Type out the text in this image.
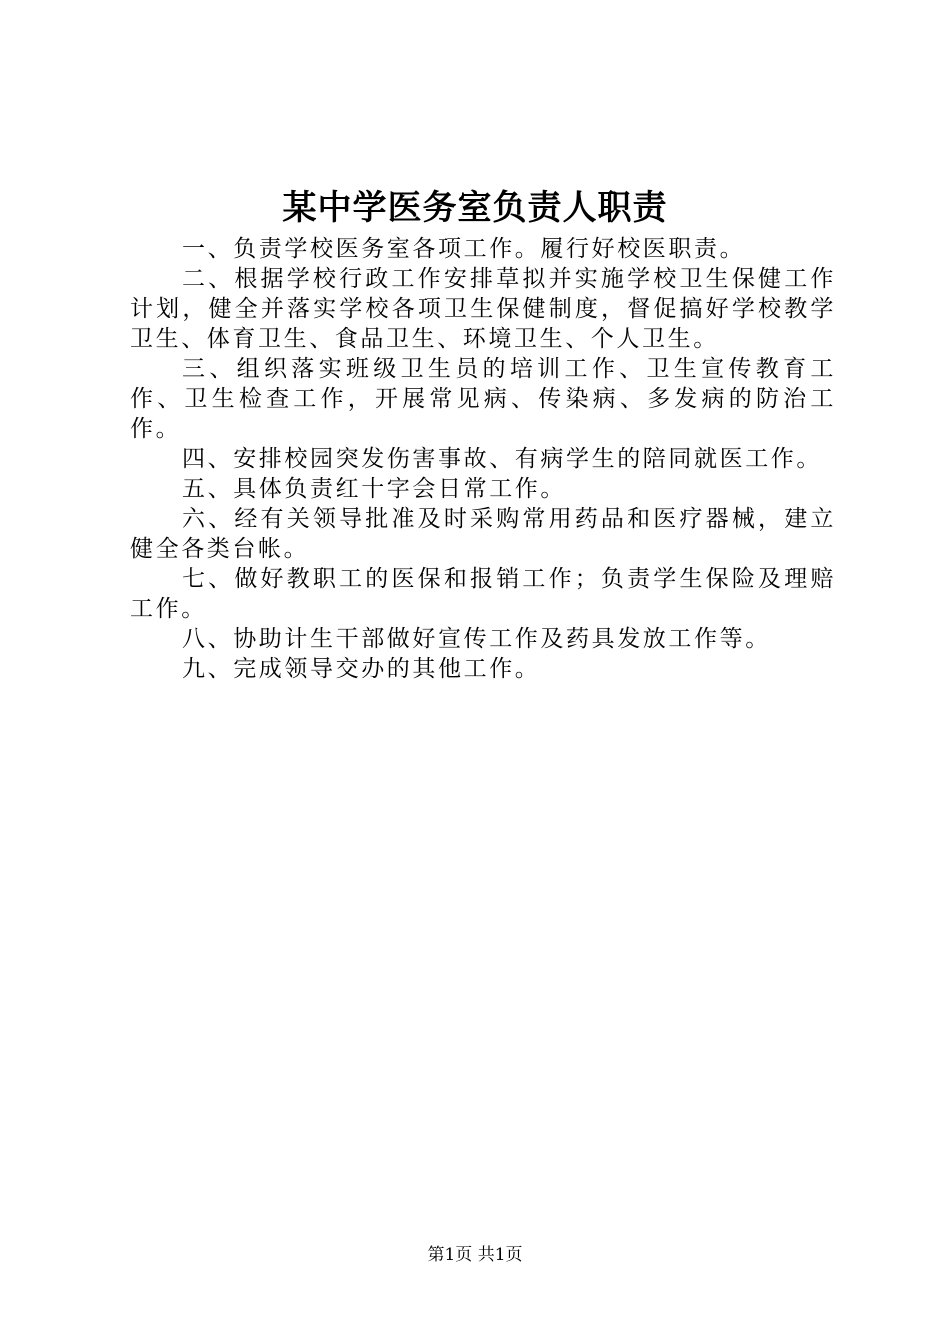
某中学医务室负责人职责

一、负责学校医务室各项工作。履行好校医职责。

二、根据学校行政工作安排草拟并实施学校卫生保健工作计划，健全并落实学校各项卫生保健制度，督促搞好学校教学卫生、体育卫生、食品卫生、环境卫生、个人卫生。

三、组织落实班级卫生员的培训工作、卫生宣传教育工作、卫生检查工作，开展常见病、传染病、多发病的防治工作。

四、安排校园突发伤害事故、有病学生的陪同就医工作。

五、具体负责红十字会日常工作。

六、经有关领导批准及时采购常用药品和医疗器械，建立健全各类台帐。

七、做好教职工的医保和报销工作；负责学生保险及理赔工作。

八、协助计生干部做好宣传工作及药具发放工作等。

九、完成领导交办的其他工作。

第1页 共1页
